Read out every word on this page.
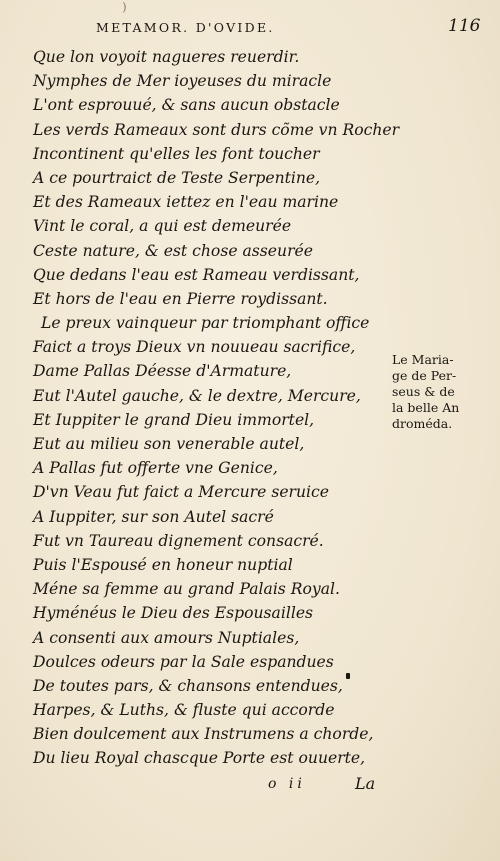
)
METAMOR. D'OVIDE.	116
Que lon voyoit nagueres reuerdir.
Nymphes de Mer ioyeuses du miracle
L'ont esprouué, & sans aucun obstacle
Les verds Rameaux sont durs cõme vn Rocher
Incontinent qu'elles les font toucher
A ce pourtraict de Teste Serpentine,
Et des Rameaux iettez en l'eau marine
Vint le coral, a qui est demeurée
Ceste nature, & est chose asseurée
Que dedans l'eau est Rameau verdissant,
Et hors de l'eau en Pierre roydissant.
Le preux vainqueur par triomphant office
Faict a troys Dieux vn nouueau sacrifice,
Dame Pallas Déesse d'Armature,
Eut l'Autel gauche, & le dextre, Mercure,
Et Iuppiter le grand Dieu immortel,
Eut au milieu son venerable autel,
A Pallas fut offerte vne Genice,
D'vn Veau fut faict a Mercure seruice
A Iuppiter, sur son Autel sacré
Fut vn Taureau dignement consacré.
Puis l'Espousé en honeur nuptial
Méne sa femme au grand Palais Royal.
Hyménéus le Dieu des Espousailles
A consenti aux amours Nuptiales,
Doulces odeurs par la Sale espandues
De toutes pars, & chansons entendues,
Harpes, & Luths, & fluste qui accorde
Bien doulcement aux Instrumens a chorde,
Du lieu Royal chascque Porte est ouuerte,
Le Maria-
ge de Per-
seus & de
la belle An
droméda.
o ii	La
